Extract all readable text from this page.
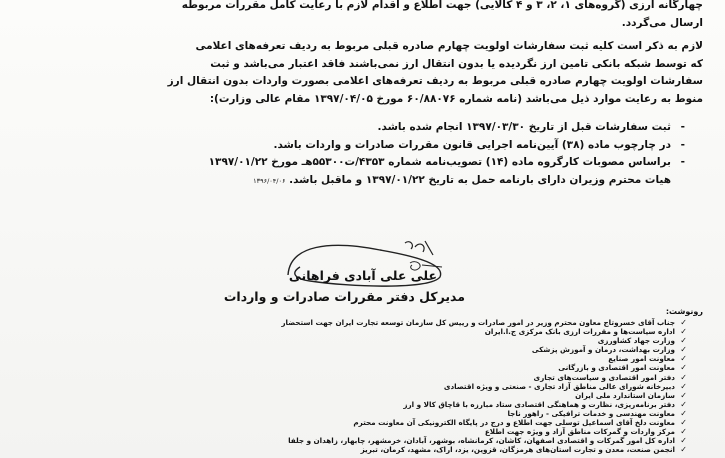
چهارگانه ارزی (گروه‌های ۱، ۲، ۳ و ۴ کالایی) جهت اطلاع و اقدام لازم با رعایت کامل مقررات مربوطه
ارسال می‌گردد.
لازم به ذکر است کلیه ثبت سفارشات اولویت چهارم صادره قبلی مربوط به ردیف تعرفه‌های اعلامی
که توسط شبکه بانکی تامین ارز نگردیده یا بدون انتقال ارز نمی‌باشند فاقد اعتبار می‌باشد و ثبت
سفارشات اولویت چهارم صادره قبلی مربوط به ردیف تعرفه‌های اعلامی بصورت واردات بدون انتقال ارز
منوط به رعایت موارد ذیل می‌باشد (نامه شماره ۶۰/۸۸۰۷۶ مورخ ۱۳۹۷/۰۴/۰۵ مقام عالی وزارت):
- ثبت سفارشات قبل از تاریخ ۱۳۹۷/۰۳/۳۰ انجام شده باشد.
- در چارچوب ماده (۳۸) آیین‌نامه اجرایی قانون مقررات صادرات و واردات باشد.
- براساس مصوبات کارگروه ماده (۱۴) تصویب‌نامه شماره ۴۳۵۳/ت۵۵۳۰۰هـ مورخ ۱۳۹۷/۰۱/۲۲
هیات محترم وزیران دارای بارنامه حمل به تاریخ ۱۳۹۷/۰۱/۲۲ و ماقبل باشد. ۱۳۹۶/۰۴/۰۶
علی علی آبادی فراهانی
مدیرکل دفتر مقررات صادرات و واردات
رونوشت:
✓
جناب آقای خسروتاج معاون محترم وزیر در امور صادرات و رییس کل سازمان توسعه تجارت ایران جهت استحضار
✓
اداره سیاست‌ها و مقررات ارزی بانک مرکزی ج.ا.ایران
✓
وزارت جهاد کشاورزی
✓
وزارت بهداشت، درمان و آموزش پزشکی
✓
معاونت امور صنایع
✓
معاونت امور اقتصادی و بازرگانی
✓
دفتر امور اقتصادی و سیاست‌های تجاری
✓
دبیرخانه شورای عالی مناطق آزاد تجاری - صنعتی و ویژه اقتصادی
✓
سازمان استاندارد ملی ایران
✓
دفتر برنامه‌ریزی، نظارت و هماهنگی اقتصادی ستاد مبارزه با قاچاق کالا و ارز
✓
معاونت مهندسی و خدمات ترافیکی - راهور ناجا
✓
معاونت دلخ آقای اسماعیل توسلی جهت اطلاع و درج در پایگاه الکترونیکی آن معاونت محترم
✓
مرکز واردات و گمرکات مناطق آزاد و ویژه جهت اطلاع
✓
اداره کل امور گمرکات و اقتصادی اصفهان، کاشان، کرمانشاه، بوشهر، آبادان، خرمشهر، چابهار، زاهدان و جلفا
✓
انجمن صنعت، معدن و تجارت استان‌های هرمزگان، قزوین، یزد، اراک، مشهد، کرمان، تبریز
